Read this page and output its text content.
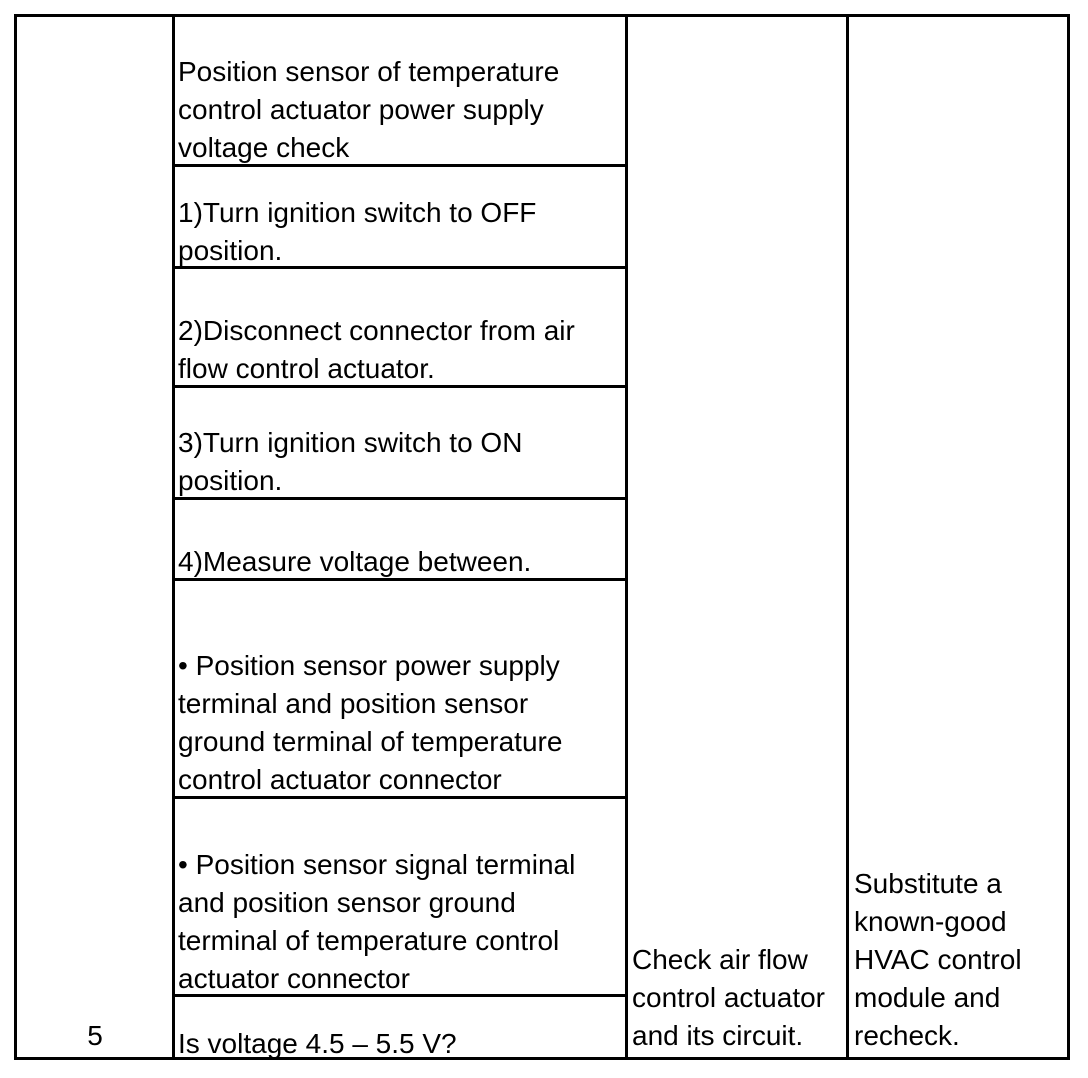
5
Position sensor of temperature
control actuator power supply
voltage check
1)Turn ignition switch to OFF
position.
2)Disconnect connector from air
flow control actuator.
3)Turn ignition switch to ON
position.
4)Measure voltage between.
• Position sensor power supply
terminal and position sensor
ground terminal of temperature
control actuator connector
• Position sensor signal terminal
and position sensor ground
terminal of temperature control
actuator connector
Is voltage 4.5 – 5.5 V?
Check air flow
control actuator
and its circuit.
Substitute a
known-good
HVAC control
module and
recheck.
